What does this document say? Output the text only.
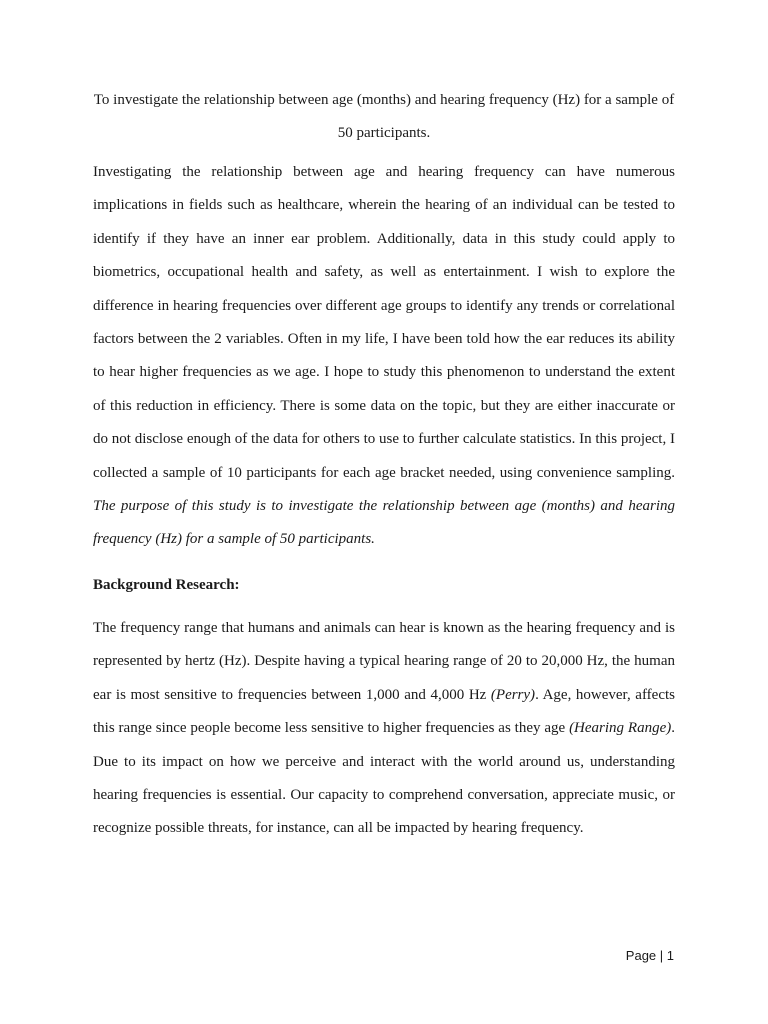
To investigate the relationship between age (months) and hearing frequency (Hz) for a sample of 50 participants.

Investigating the relationship between age and hearing frequency can have numerous implications in fields such as healthcare, wherein the hearing of an individual can be tested to identify if they have an inner ear problem. Additionally, data in this study could apply to biometrics, occupational health and safety, as well as entertainment. I wish to explore the difference in hearing frequencies over different age groups to identify any trends or correlational factors between the 2 variables. Often in my life, I have been told how the ear reduces its ability to hear higher frequencies as we age. I hope to study this phenomenon to understand the extent of this reduction in efficiency. There is some data on the topic, but they are either inaccurate or do not disclose enough of the data for others to use to further calculate statistics. In this project, I collected a sample of 10 participants for each age bracket needed, using convenience sampling. The purpose of this study is to investigate the relationship between age (months) and hearing frequency (Hz) for a sample of 50 participants.

Background Research:

The frequency range that humans and animals can hear is known as the hearing frequency and is represented by hertz (Hz). Despite having a typical hearing range of 20 to 20,000 Hz, the human ear is most sensitive to frequencies between 1,000 and 4,000 Hz (Perry). Age, however, affects this range since people become less sensitive to higher frequencies as they age (Hearing Range). Due to its impact on how we perceive and interact with the world around us, understanding hearing frequencies is essential. Our capacity to comprehend conversation, appreciate music, or recognize possible threats, for instance, can all be impacted by hearing frequency.

Page | 1
